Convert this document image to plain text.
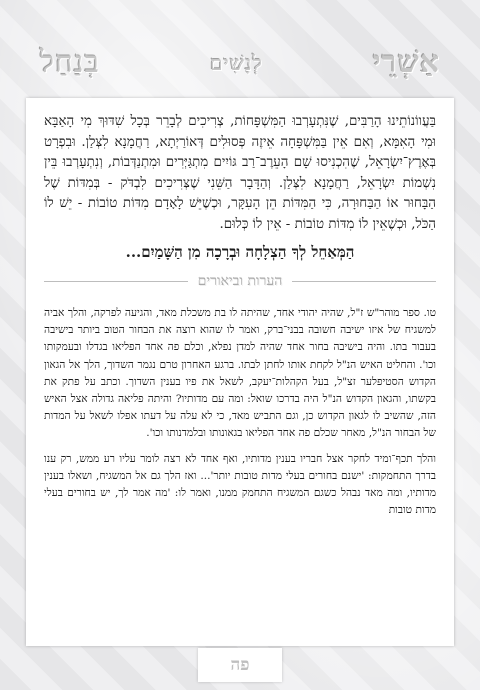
אַשְׁרֵי
לְנָשִׁים
בְּנַחַל

בַּעֲווֹנוֹתֵינוּ הָרַבִּים, שֶׁנִּתְעָרְבוּ הַמִּשְׁפָּחוֹת, צְרִיכִים לְבָרֵר בְּכָל שִׁדּוּךְ מִי הָאַבָּא וּמִי הָאִמָּא, וְאִם אֵין בַּמִּשְׁפָּחָה אֵיזֶה פְּסוּלִים דְּאוֹרַיְתָא, רַחֲמָנָא לִצְּלַן. וּבִפְרָט בְּאֶרֶץ־יִשְׂרָאֵל, שֶׁהִכְנִיסוּ שָׁם הָעֵרֶב־רַב גּוֹיִים מִתְגַּיְּרִים וּמִתְנַדְּבוֹת, וְנִתְעָרְבוּ בֵּין נִשְׁמוֹת יִשְׂרָאֵל, רַחֲמָנָא לִצְּלַן. וְהַדָּבָר הַשֵּׁנִי שֶׁצְּרִיכִים לִבְדֹּק - בְּמִדּוֹת שֶׁל הַבָּחוּר אוֹ הַבַּחוּרָה, כִּי הַמִּדּוֹת הֵן הָעִקָּר, וּכְשֶׁיֵּשׁ לָאָדָם מִדּוֹת טוֹבוֹת - יֵשׁ לוֹ הַכֹּל, וּכְשֶׁאֵין לוֹ מִדּוֹת טוֹבוֹת - אֵין לוֹ כְּלוּם.

הַמְּאַחֵל לְךָ הַצְלָחָה וּבְרָכָה מִן הַשָּׁמַיִם...

הערות וביאורים

טו. ספר מוהר"ש ז"ל, שהיה יהודי אחד, שהיתה לו בת משכלת מאד, והגיעה לפרקה, והלך אביה למשגיח של איזו ישיבה חשובה בבני־ברק, ואמר לו שהוא רוצה את הבחור הטוב ביותר בישיבה בעבור בתו. והיה בישיבה בחור אחד שהיה למדן נפלא, וכלם פה אחד הפליאו בגדלו ובעמקותו וכו'. והחליט האיש הנ"ל לקחת אותו לחתן לבתו. ברגע האחרון טרם נגמר השדוך, הלך אל הגאון הקדוש הסטיפלער זצ"ל, בעל הקהלות־יעקב, לשאל את פיו בענין השדוך. וכתב על פתק את בקשתו, והגאון הקדוש הנ"ל היה בדרכו שואל: ומה עם מדותיו? והיתה פליאה גדולה אצל האיש הזה, שהשיב לו לגאון הקדוש כן, וגם התביש מאד, כי לא עלה על דעתו אפלו לשאל על המדות של הבחור הנ"ל, מאחר שכלם פה אחד הפליאו בגאונותו ובלמדנותו וכו'.

והלך תכף־ומיד לחקר אצל חבריו בענין מדותיו, ואף אחד לא רצה לומר עליו רע ממש, רק ענו בדרך התחמקות: 'ישנם בחורים בעלי מדות טובות יותר'... ואז הלך גם אל המשגיח, ושאלו בענין מדותיו, ומה מאד נבהל כשגם המשגיח התחמק ממנו, ואמר לו: 'מה אמר לך, יש בחורים בעלי מדות טובות

פה
